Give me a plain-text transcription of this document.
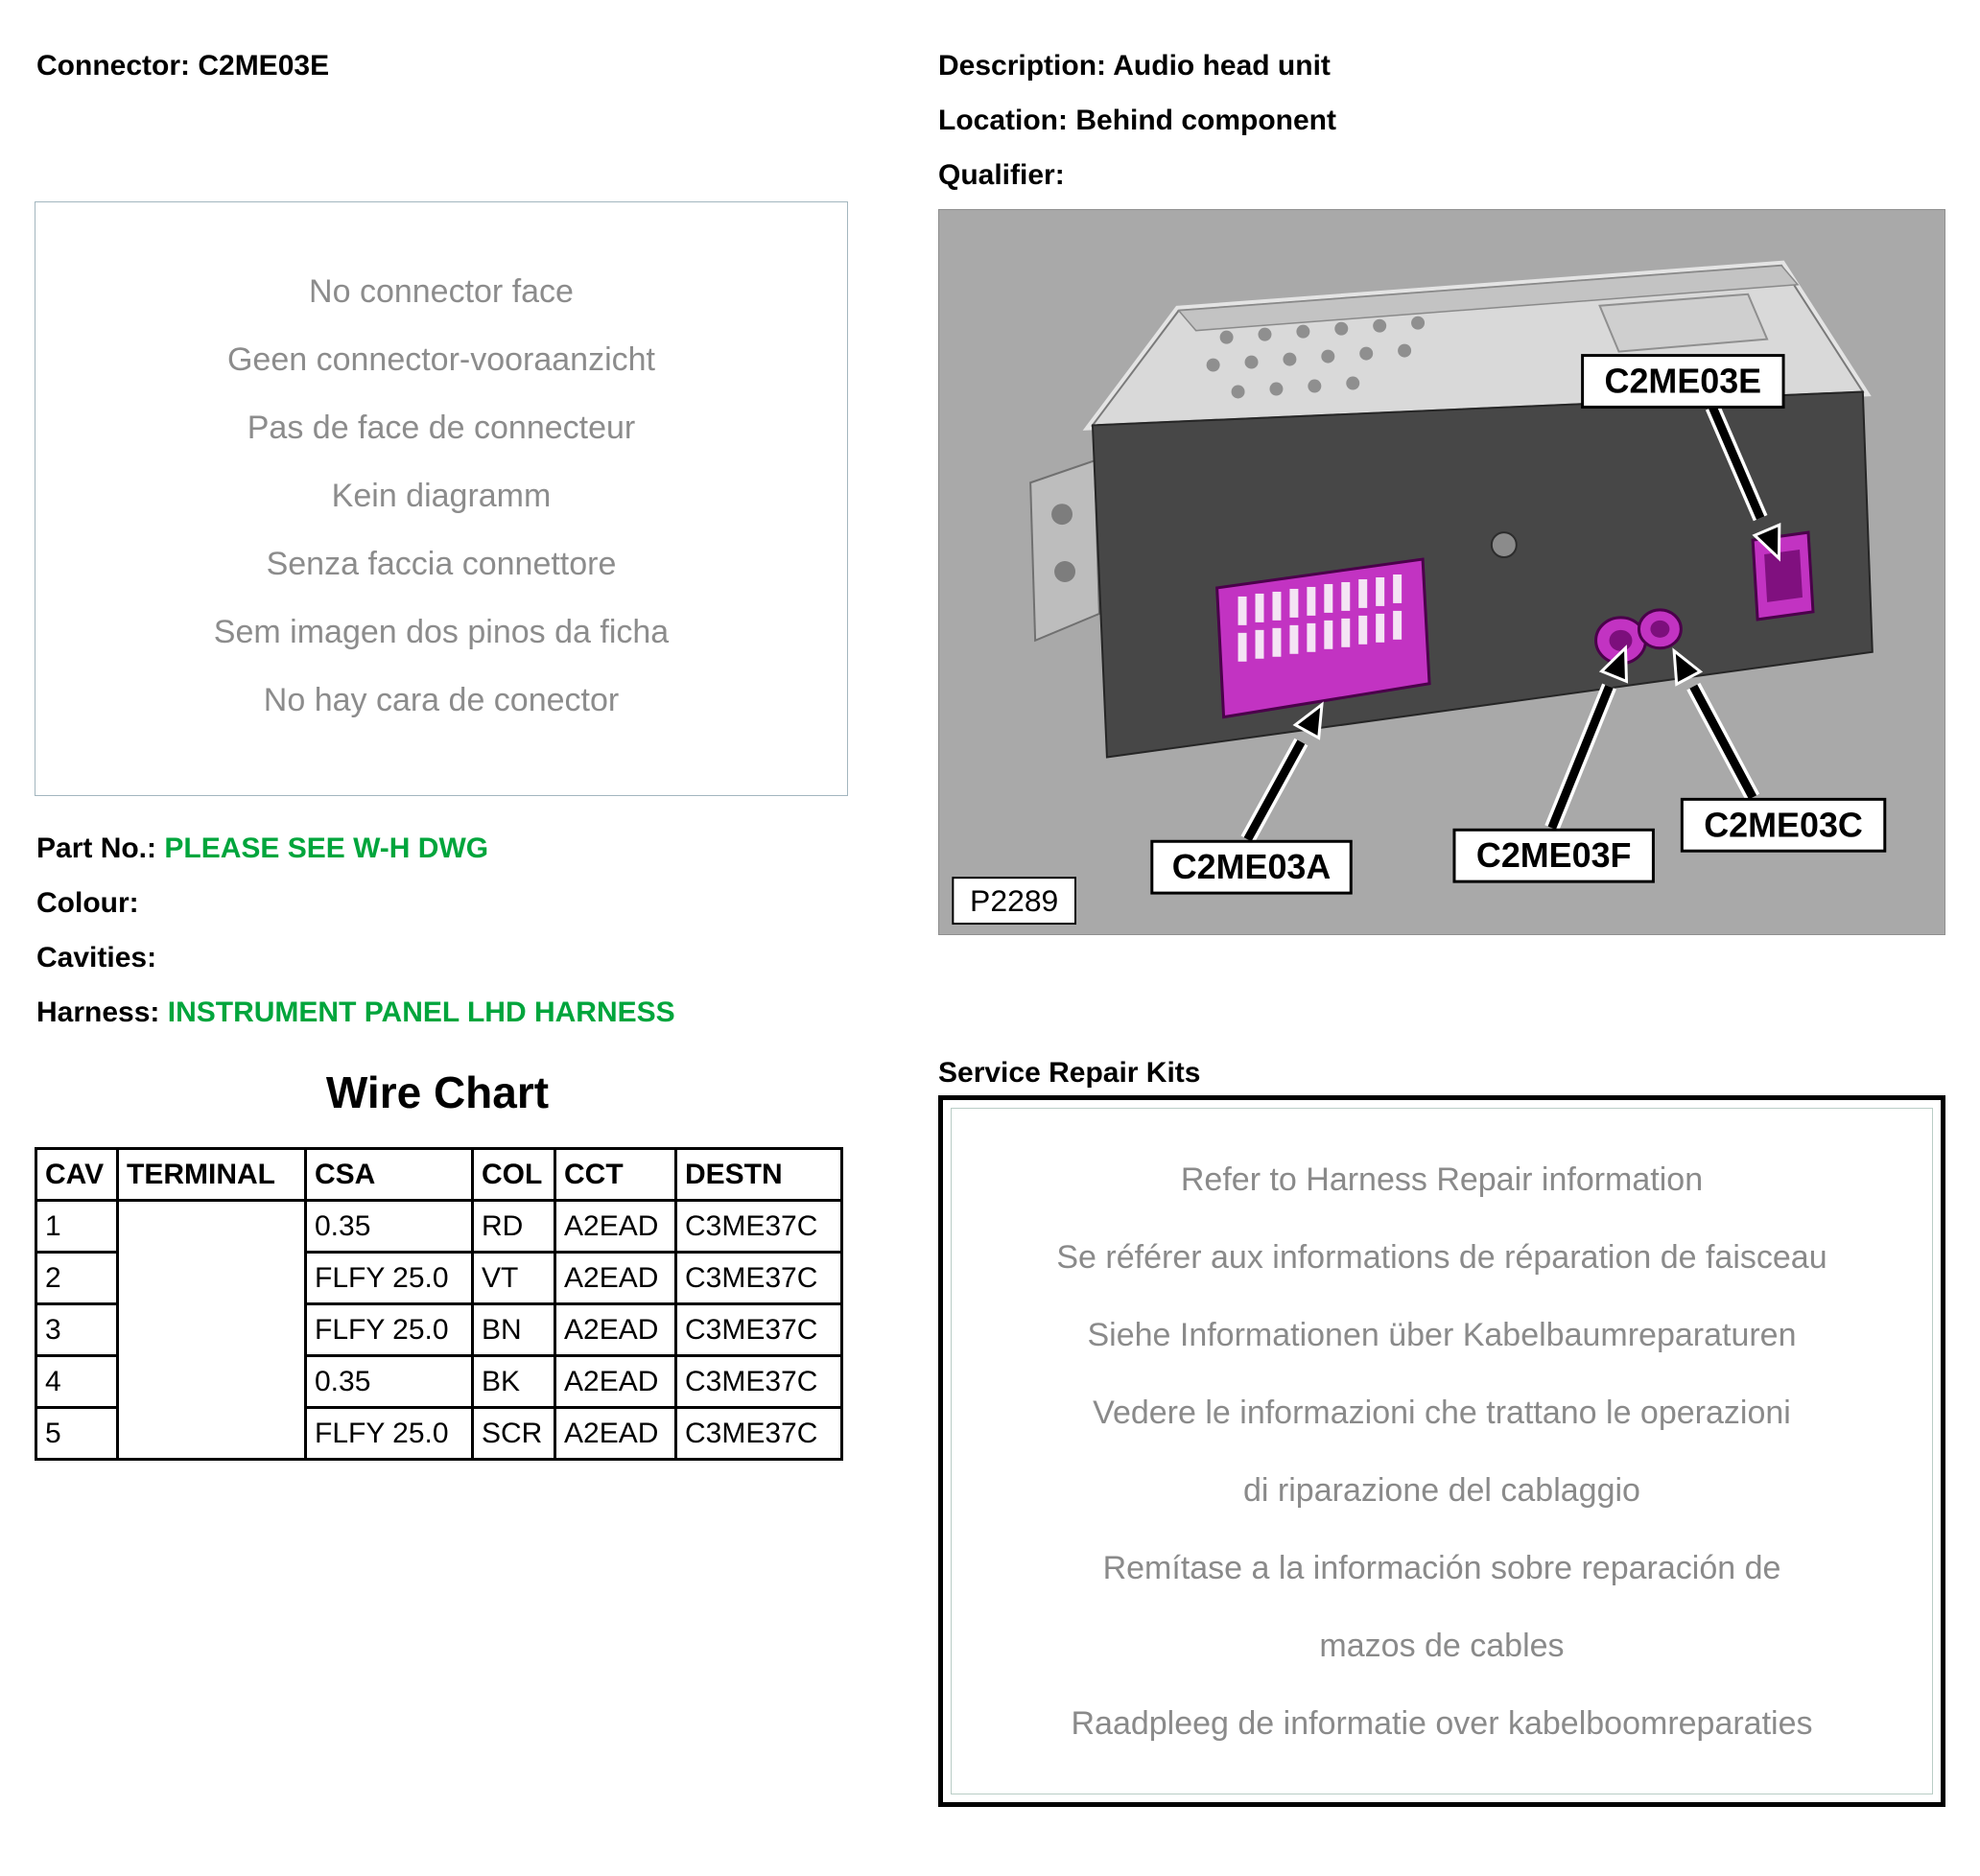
Connector: C2ME03E
No connector face
Geen connector-vooraanzicht
Pas de face de connecteur
Kein diagramm
Senza faccia connettore
Sem imagen dos pinos da ficha
No hay cara de conector
Part No.: PLEASE SEE W-H DWG
Colour:
Cavities:
Harness: INSTRUMENT PANEL LHD HARNESS
Wire Chart
CAV	TERMINAL	CSA	COL	CCT	DESTN
1		0.35	RD	A2EAD	C3ME37C
2		FLFY 25.0	VT	A2EAD	C3ME37C
3		FLFY 25.0	BN	A2EAD	C3ME37C
4		0.35	BK	A2EAD	C3ME37C
5		FLFY 25.0	SCR	A2EAD	C3ME37C
Description: Audio head unit
Location: Behind component
Qualifier:
C2ME03E
C2ME03A	C2ME03F
C2ME03C
P2289
Service Repair Kits
Refer to Harness Repair information
Se référer aux informations de réparation de faisceau
Siehe Informationen über Kabelbaumreparaturen
Vedere le informazioni che trattano le operazioni
di riparazione del cablaggio
Remítase a la información sobre reparación de
mazos de cables
Raadpleeg de informatie over kabelboomreparaties
